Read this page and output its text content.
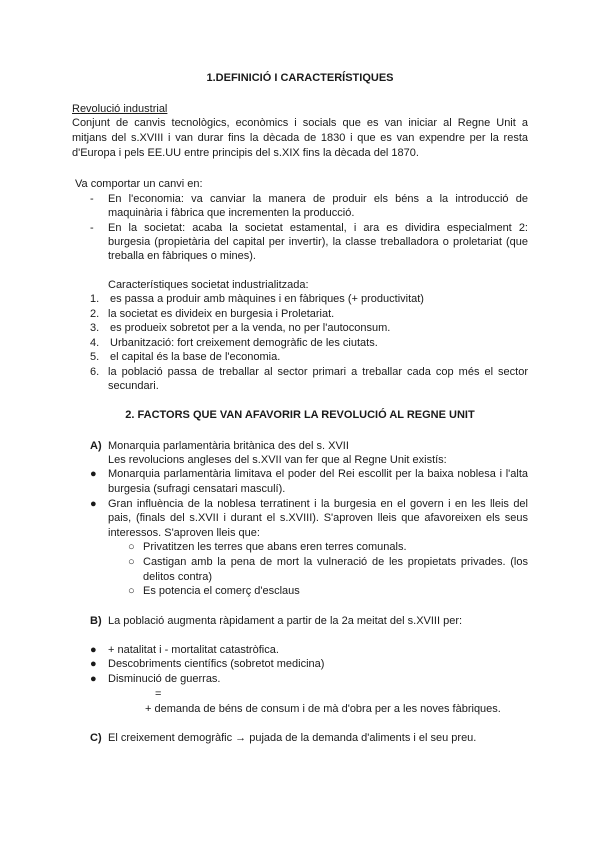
1.DEFINICIÓ I CARACTERÍSTIQUES
Revolució industrial
Conjunt de canvis tecnològics, econòmics i socials que es van iniciar al Regne Unit a
mitjans del s.XVIII i van durar fins la dècada de 1830 i que es van expendre per la resta
d'Europa i pels EE.UU entre principis del s.XIX fins la dècada del 1870.
Va comportar un canvi en:
- En l'economia: va canviar la manera de produir els béns a la introducció de
maquinària i fàbrica que incrementen la producció.
- En la societat: acaba la societat estamental, i ara es dividira especialment 2:
burgesia (propietària del capital per invertir), la classe treballadora o proletariat (que
treballa en fàbriques o mines).
Característiques societat industrialitzada:
1. es passa a produir amb màquines i en fàbriques (+ productivitat)
2. la societat es divideix en burgesia i Proletariat.
3. es produeix sobretot per a la venda, no per l'autoconsum.
4. Urbanització: fort creixement demogràfic de les ciutats.
5. el capital és la base de l'economia.
6. la població passa de treballar al sector primari a treballar cada cop més el sector
secundari.
2. FACTORS QUE VAN AFAVORIR LA REVOLUCIÓ AL REGNE UNIT
A) Monarquia parlamentària britànica des del s. XVII
Les revolucions angleses del s.XVII van fer que al Regne Unit existís:
● Monarquia parlamentària limitava el poder del Rei escollit per la baixa noblesa i l'alta
burgesia (sufragi censatari masculí).
● Gran influència de la noblesa terratinent i la burgesia en el govern i en les lleis del
pais, (finals del s.XVII i durant el s.XVIII). S'aproven lleis que afavoreixen els seus
interessos. S'aproven lleis que:
○ Privatitzen les terres que abans eren terres comunals.
○ Castigan amb la pena de mort la vulneració de les propietats privades. (los
delitos contra)
○ Es potencia el comerç d'esclaus
B) La població augmenta ràpidament a partir de la 2a meitat del s.XVIII per:
● + natalitat i - mortalitat catastròfica.
● Descobriments científics (sobretot medicina)
● Disminució de guerras.
=
+ demanda de béns de consum i de mà d'obra per a les noves fàbriques.
C) El creixement demogràfic → pujada de la demanda d'aliments i el seu preu.
